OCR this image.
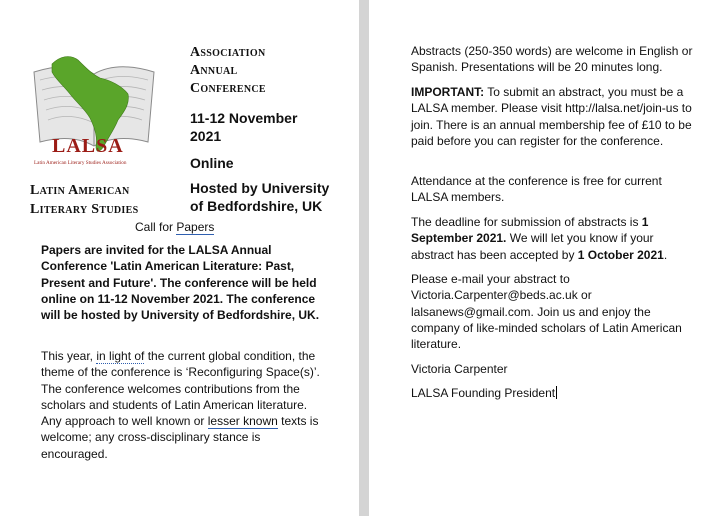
LALSA
Latin American Literary Studies Association
Association
Annual
Conference
11-12 November
2021
Online
Hosted by University
of Bedfordshire, UK
Latin American
Literary Studies
Call for Papers
Papers are invited for the LALSA Annual Conference 'Latin American Literature: Past, Present and Future'. The conference will be held online on 11-12 November 2021. The conference will be hosted by University of Bedfordshire, UK.
This year, in light of the current global condition, the theme of the conference is ‘Reconfiguring Space(s)’. The conference welcomes contributions from the scholars and students of Latin American literature. Any approach to well known or lesser known texts is welcome; any cross-disciplinary stance is encouraged.
Abstracts (250-350 words) are welcome in English or Spanish. Presentations will be 20 minutes long.
IMPORTANT: To submit an abstract, you must be a LALSA member. Please visit http://lalsa.net/join-us to join. There is an annual membership fee of £10 to be paid before you can register for the conference.
Attendance at the conference is free for current LALSA members.
The deadline for submission of abstracts is 1 September 2021. We will let you know if your abstract has been accepted by 1 October 2021.
Please e-mail your abstract to Victoria.Carpenter@beds.ac.uk or lalsanews@gmail.com. Join us and enjoy the company of like-minded scholars of Latin American literature.
Victoria Carpenter
LALSA Founding President
